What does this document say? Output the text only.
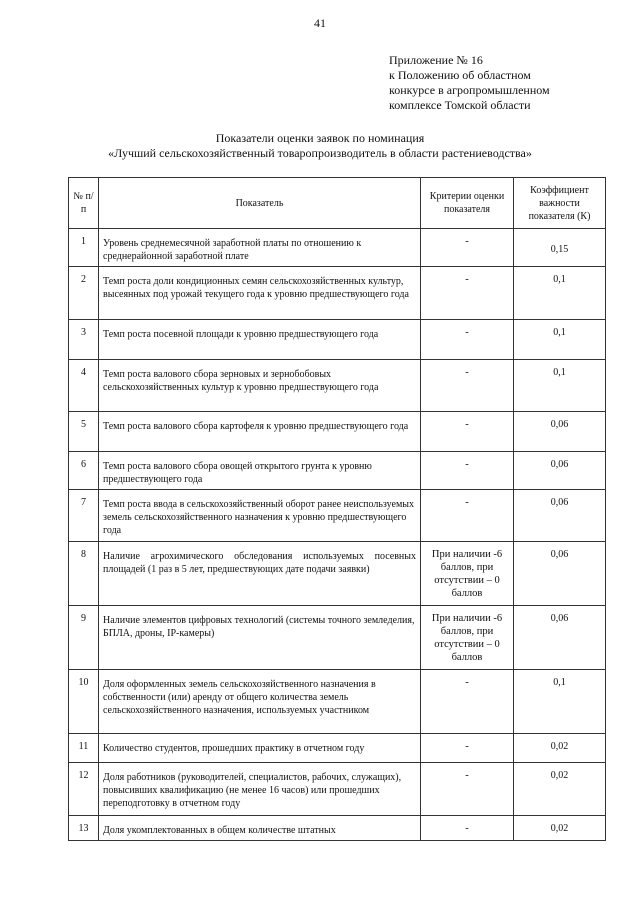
41
Приложение № 16
к Положению об областном
конкурсе в агропромышленном
комплексе Томской области
Показатели оценки заявок по номинация
«Лучший сельскохозяйственный товаропроизводитель в области растениеводства»
№ п/п	Показатель	Критерии оценки показателя	Коэффициент важности показателя (К)
1	Уровень среднемесячной заработной платы по отношению к среднерайонной заработной плате	-	0,15
2	Темп роста доли кондиционных семян сельскохозяйственных культур, высеянных под урожай текущего года к уровню предшествующего года	-	0,1
3	Темп роста посевной площади к уровню предшествующего года	-	0,1
4	Темп роста валового сбора зерновых и зернобобовых сельскохозяйственных культур к уровню предшествующего года	-	0,1
5	Темп роста валового сбора картофеля к уровню предшествующего года	-	0,06
6	Темп роста валового сбора овощей открытого грунта к уровню предшествующего года	-	0,06
7	Темп роста ввода в сельскохозяйственный оборот ранее неиспользуемых земель сельскохозяйственного назначения к уровню предшествующего года	-	0,06
8	Наличие агрохимического обследования используемых посевных площадей (1 раз в 5 лет, предшествующих дате подачи заявки)	При наличии -6 баллов, при отсутствии – 0 баллов	0,06
9	Наличие элементов цифровых технологий (системы точного земледелия, БПЛА, дроны, IP-камеры)	При наличии -6 баллов, при отсутствии – 0 баллов	0,06
10	Доля оформленных земель сельскохозяйственного назначения в собственности (или) аренду от общего количества земель сельскохозяйственного назначения, используемых участником	-	0,1
11	Количество студентов, прошедших практику в отчетном году	-	0,02
12	Доля работников (руководителей, специалистов, рабочих, служащих), повысивших квалификацию (не менее 16 часов) или прошедших переподготовку в отчетном году	-	0,02
13	Доля укомплектованных в общем количестве штатных	-	0,02
